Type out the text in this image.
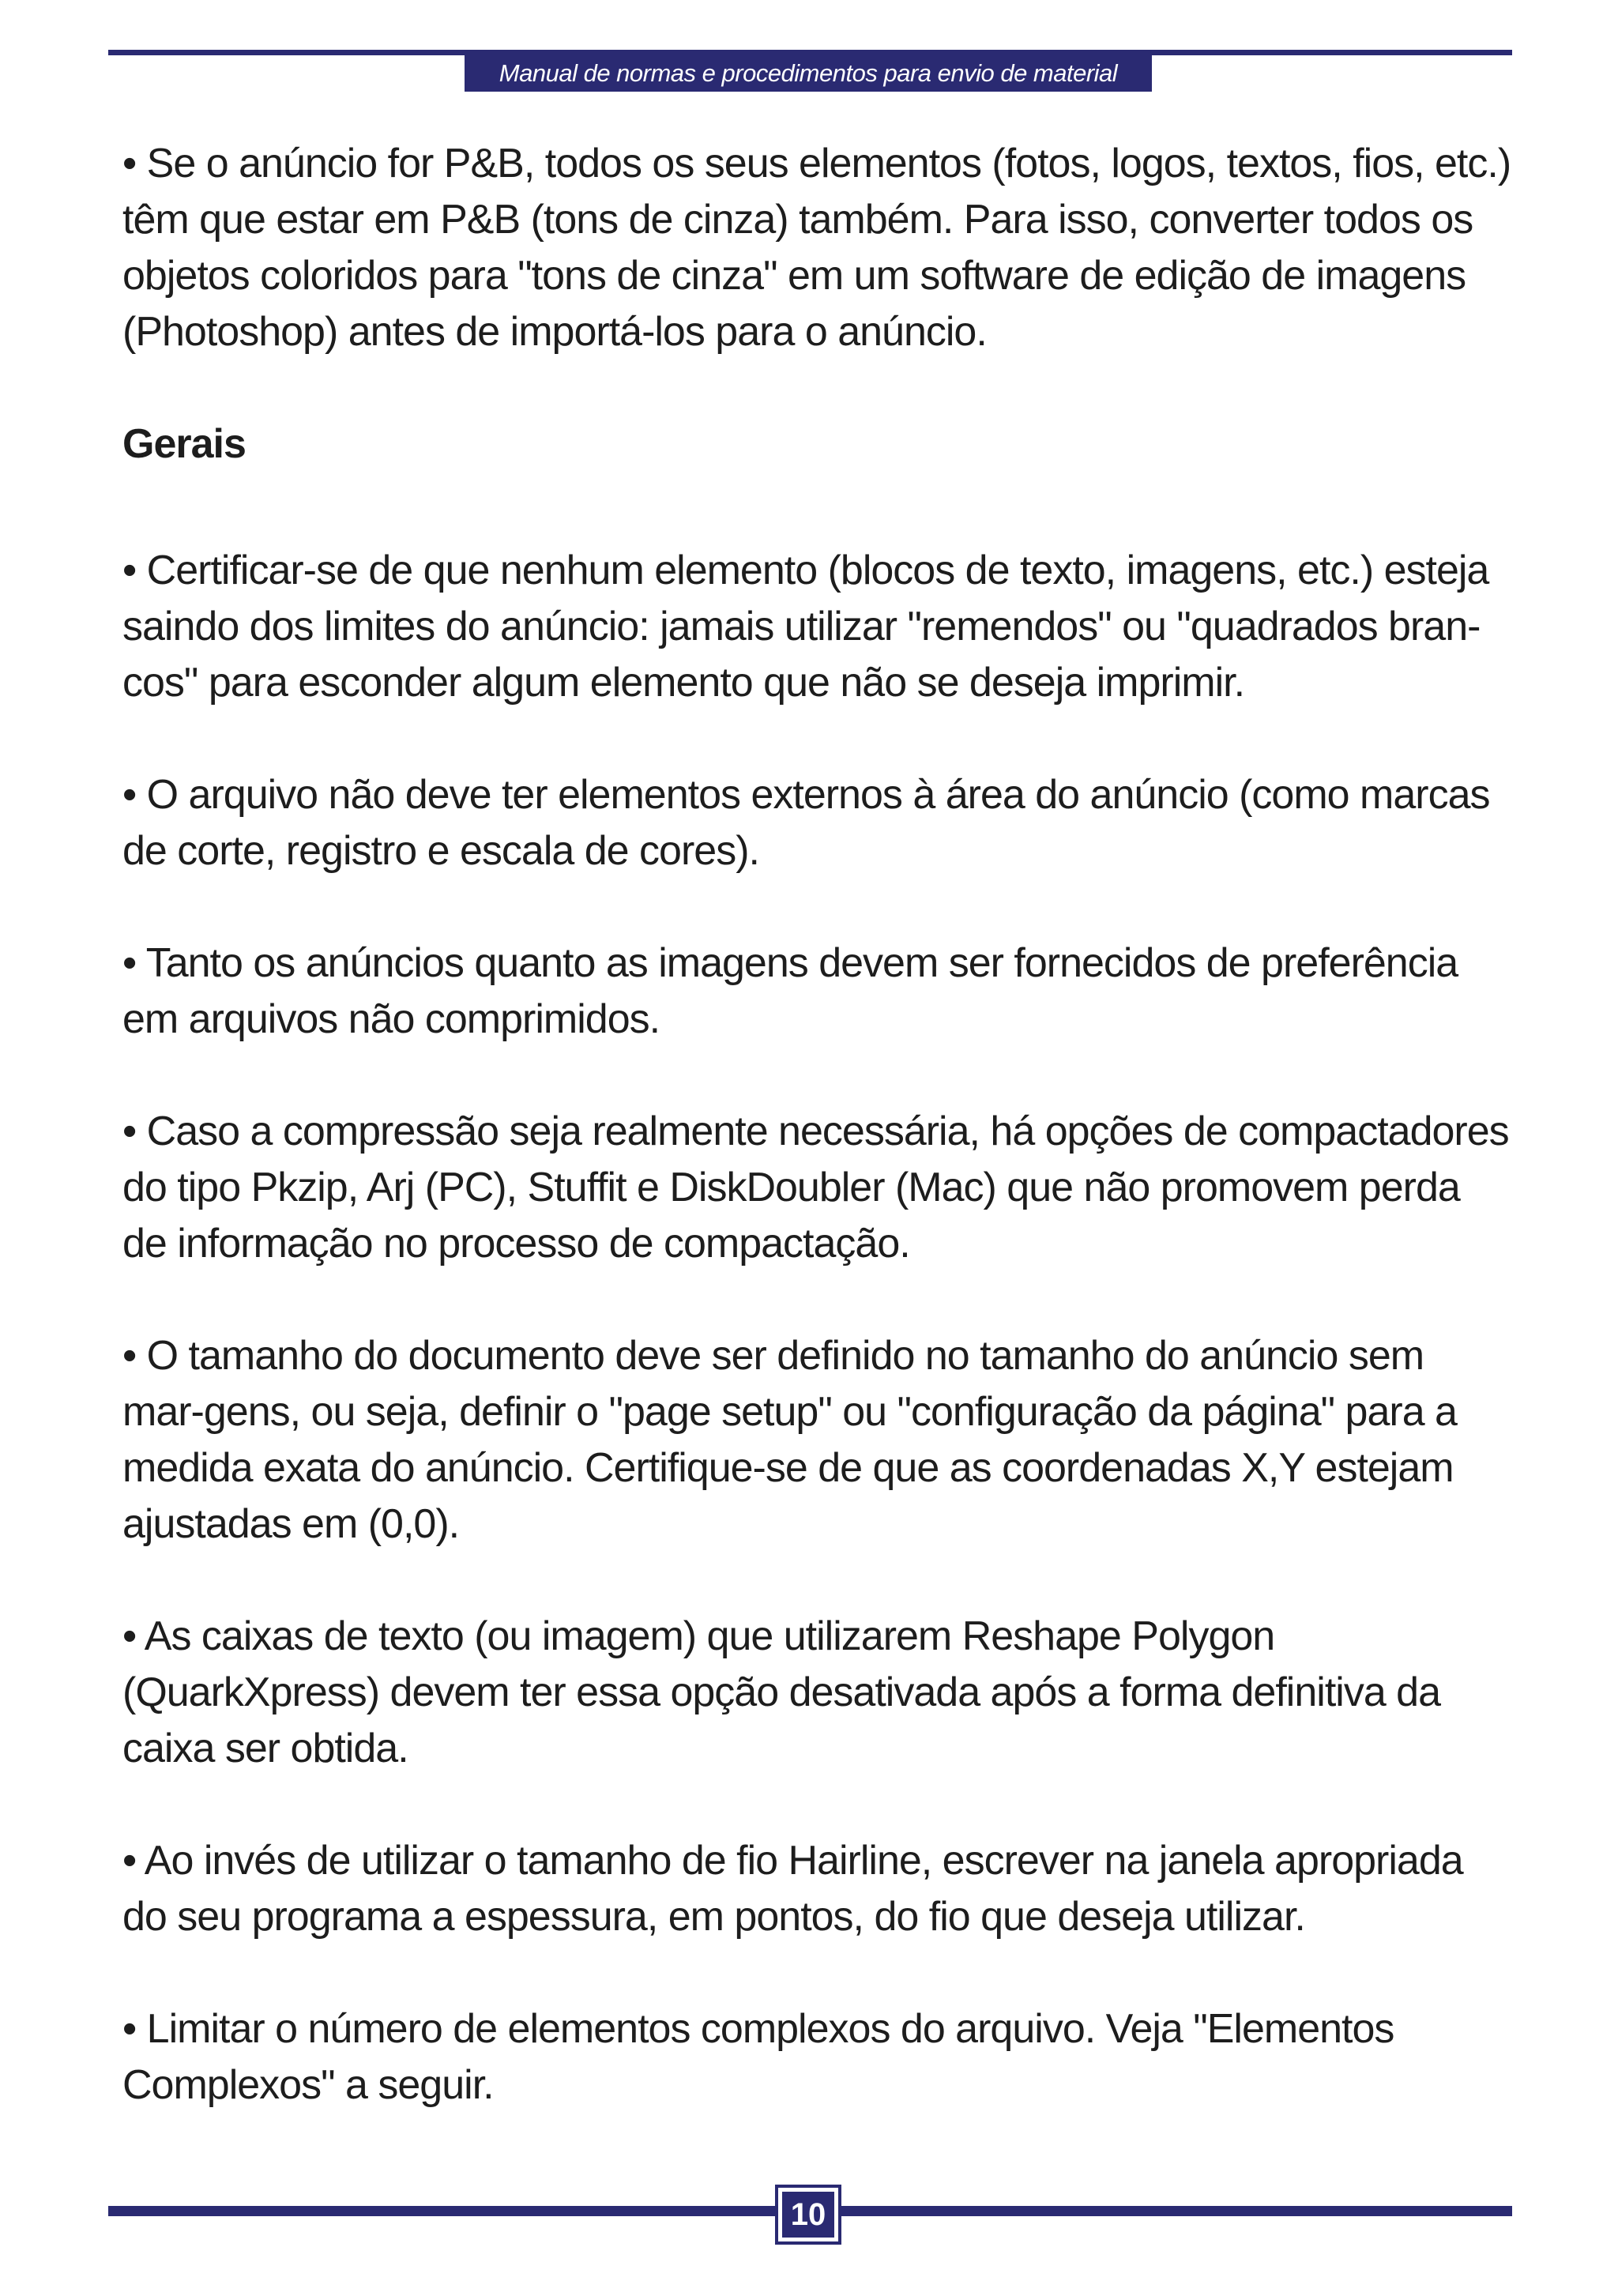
Manual de normas e procedimentos para envio de material

• Se o anúncio for P&B, todos os seus elementos (fotos, logos, textos, fios, etc.) têm que estar em P&B (tons de cinza) também. Para isso, converter todos os objetos coloridos para "tons de cinza" em um software de edição de imagens (Photoshop) antes de importá-los para o anúncio.

Gerais

• Certificar-se de que nenhum elemento (blocos de texto, imagens, etc.) esteja saindo dos limites do anúncio: jamais utilizar "remendos" ou "quadrados bran-cos" para esconder algum elemento que não se deseja imprimir.

• O arquivo não deve ter elementos externos à área do anúncio (como marcas de corte, registro e escala de cores).

• Tanto os anúncios quanto as imagens devem ser fornecidos de preferência em arquivos não comprimidos.

• Caso a compressão seja realmente necessária, há opções de compactadores do tipo Pkzip, Arj (PC), Stuffit e DiskDoubler (Mac) que não promovem perda de informação no processo de compactação.

• O tamanho do documento deve ser definido no tamanho do anúncio sem mar-gens, ou seja, definir o "page setup" ou "configuração da página" para a medida exata do anúncio. Certifique-se de que as coordenadas X,Y estejam ajustadas em (0,0).

• As caixas de texto (ou imagem) que utilizarem Reshape Polygon (QuarkXpress) devem ter essa opção desativada após a forma definitiva da caixa ser obtida.

• Ao invés de utilizar o tamanho de fio Hairline, escrever na janela apropriada do seu programa a espessura, em pontos, do fio que deseja utilizar.

• Limitar o número de elementos complexos do arquivo. Veja "Elementos Complexos" a seguir.

10
